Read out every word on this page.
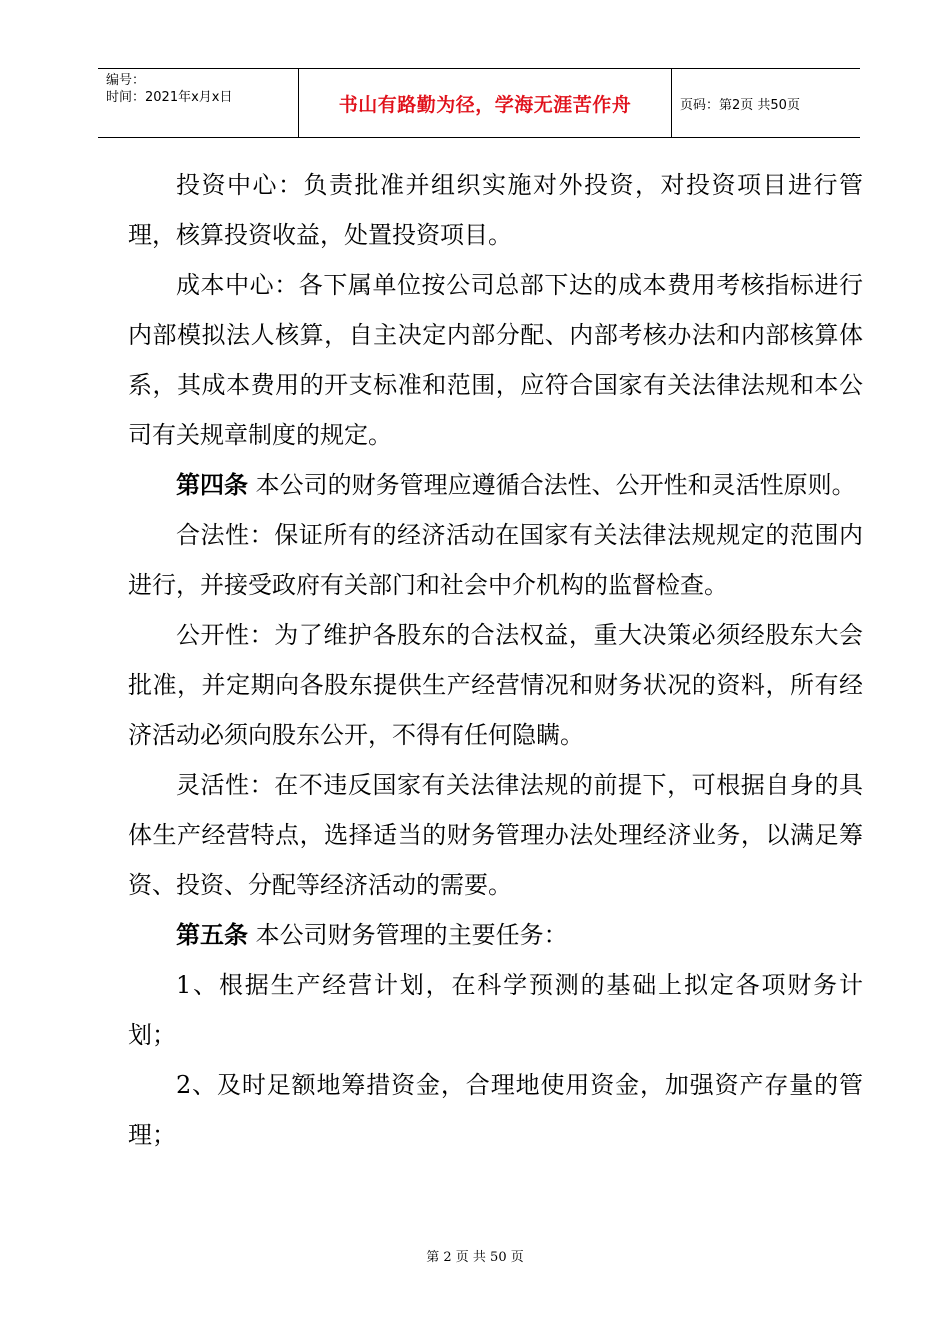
编号：
时间：2021年x月x日	书山有路勤为径，学海无涯苦作舟	页码：第2页 共50页

投资中心：负责批准并组织实施对外投资，对投资项目进行管理，核算投资收益，处置投资项目。

成本中心：各下属单位按公司总部下达的成本费用考核指标进行内部模拟法人核算，自主决定内部分配、内部考核办法和内部核算体系，其成本费用的开支标准和范围，应符合国家有关法律法规和本公司有关规章制度的规定。

第四条 本公司的财务管理应遵循合法性、公开性和灵活性原则。

合法性：保证所有的经济活动在国家有关法律法规规定的范围内进行，并接受政府有关部门和社会中介机构的监督检查。

公开性：为了维护各股东的合法权益，重大决策必须经股东大会批准，并定期向各股东提供生产经营情况和财务状况的资料，所有经济活动必须向股东公开，不得有任何隐瞒。

灵活性：在不违反国家有关法律法规的前提下，可根据自身的具体生产经营特点，选择适当的财务管理办法处理经济业务，以满足筹资、投资、分配等经济活动的需要。

第五条 本公司财务管理的主要任务：

1、根据生产经营计划，在科学预测的基础上拟定各项财务计划；

2、及时足额地筹措资金，合理地使用资金，加强资产存量的管理；

第 2 页 共 50 页
